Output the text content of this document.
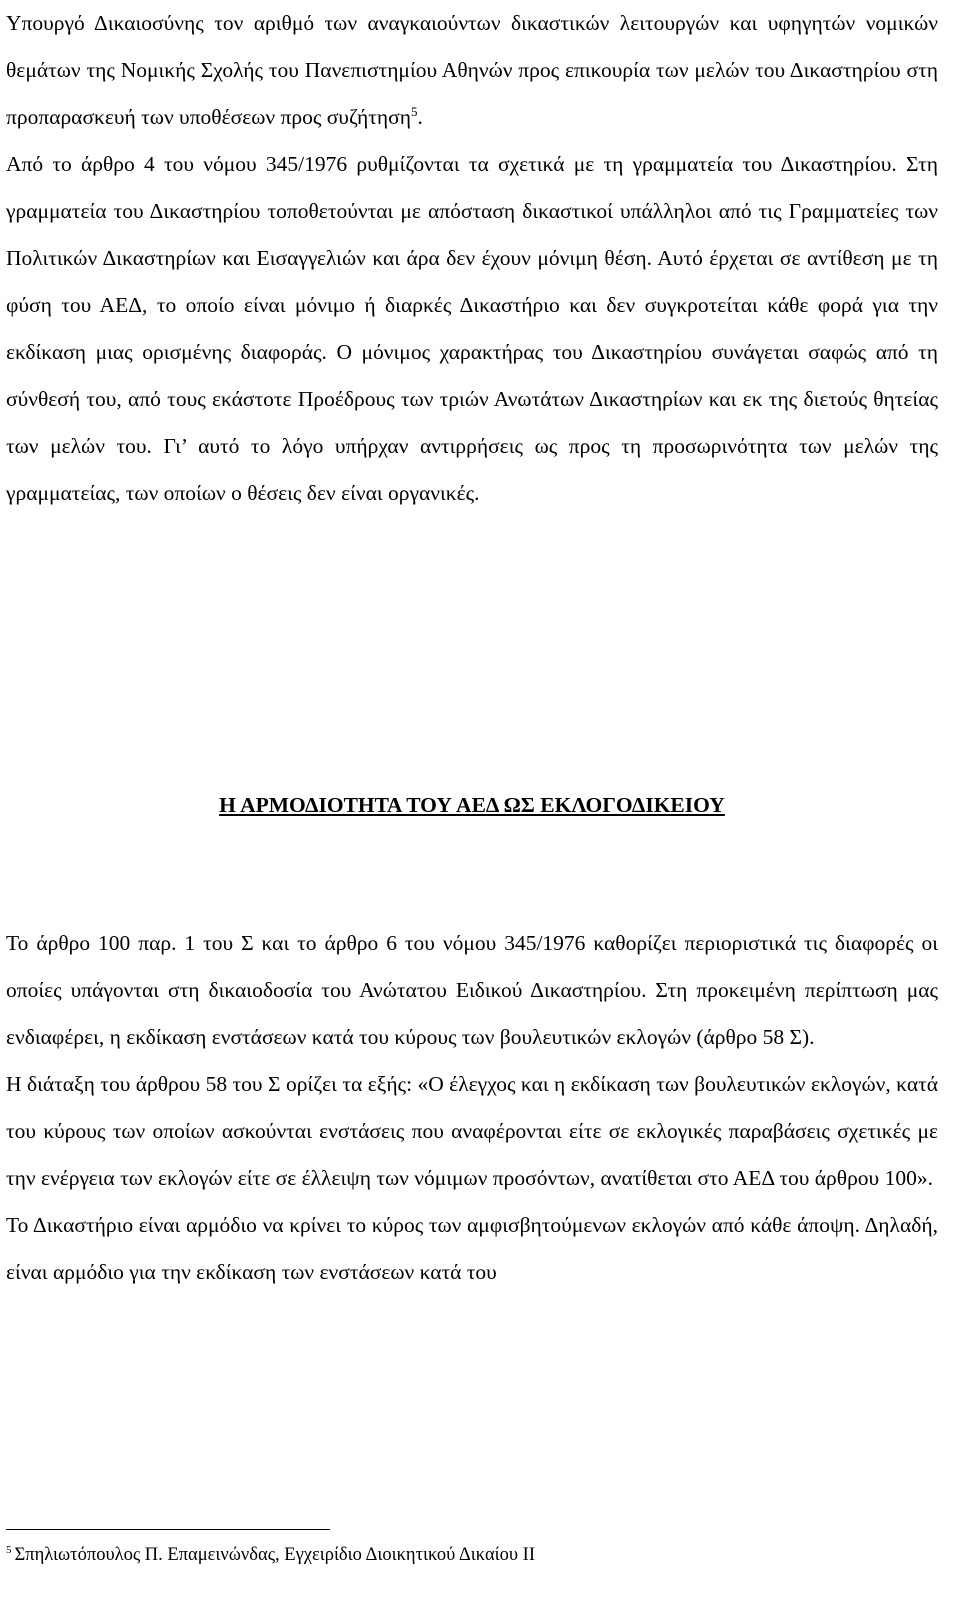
Υπουργό Δικαιοσύνης τον αριθμό των αναγκαιούντων δικαστικών λειτουργών και υφηγητών νομικών θεμάτων της Νομικής Σχολής του Πανεπιστημίου Αθηνών προς επικουρία των μελών του Δικαστηρίου στη προπαρασκευή των υποθέσεων προς συζήτηση$^5$.

Από το άρθρο 4 του νόμου 345/1976 ρυθμίζονται τα σχετικά με τη γραμματεία του Δικαστηρίου. Στη γραμματεία του Δικαστηρίου τοποθετούνται με απόσταση δικαστικοί υπάλληλοι από τις Γραμματείες των Πολιτικών Δικαστηρίων και Εισαγγελιών και άρα δεν έχουν μόνιμη θέση. Αυτό έρχεται σε αντίθεση με τη φύση του ΑΕΔ, το οποίο είναι μόνιμο ή διαρκές Δικαστήριο και δεν συγκροτείται κάθε φορά για την εκδίκαση μιας ορισμένης διαφοράς. Ο μόνιμος χαρακτήρας του Δικαστηρίου συνάγεται σαφώς από τη σύνθεσή του, από τους εκάστοτε Προέδρους των τριών Ανωτάτων Δικαστηρίων και εκ της διετούς θητείας των μελών του. Γι’ αυτό το λόγο υπήρχαν αντιρρήσεις ως προς τη προσωρινότητα των μελών της γραμματείας, των οποίων ο θέσεις δεν είναι οργανικές.

Η ΑΡΜΟΔΙΟΤΗΤΑ ΤΟΥ ΑΕΔ ΩΣ ΕΚΛΟΓΟΔΙΚΕΙΟΥ

Το άρθρο 100 παρ. 1 του Σ και το άρθρο 6 του νόμου 345/1976 καθορίζει περιοριστικά τις διαφορές οι οποίες υπάγονται στη δικαιοδοσία του Ανώτατου Ειδικού Δικαστηρίου. Στη προκειμένη περίπτωση μας ενδιαφέρει, η εκδίκαση ενστάσεων κατά του κύρους των βουλευτικών εκλογών (άρθρο 58 Σ).

Η διάταξη του άρθρου 58 του Σ ορίζει τα εξής: «Ο έλεγχος και η εκδίκαση των βουλευτικών εκλογών, κατά του κύρους των οποίων ασκούνται ενστάσεις που αναφέρονται είτε σε εκλογικές παραβάσεις σχετικές με την ενέργεια των εκλογών είτε σε έλλειψη των νόμιμων προσόντων, ανατίθεται στο ΑΕΔ του άρθρου 100».

Το Δικαστήριο είναι αρμόδιο να κρίνει το κύρος των αμφισβητούμενων εκλογών από κάθε άποψη. Δηλαδή, είναι αρμόδιο για την εκδίκαση των ενστάσεων κατά του

$^5$ Σπηλιωτόπουλος Π. Επαμεινώνδας, Εγχειρίδιο Διοικητικού Δικαίου ΙΙ
